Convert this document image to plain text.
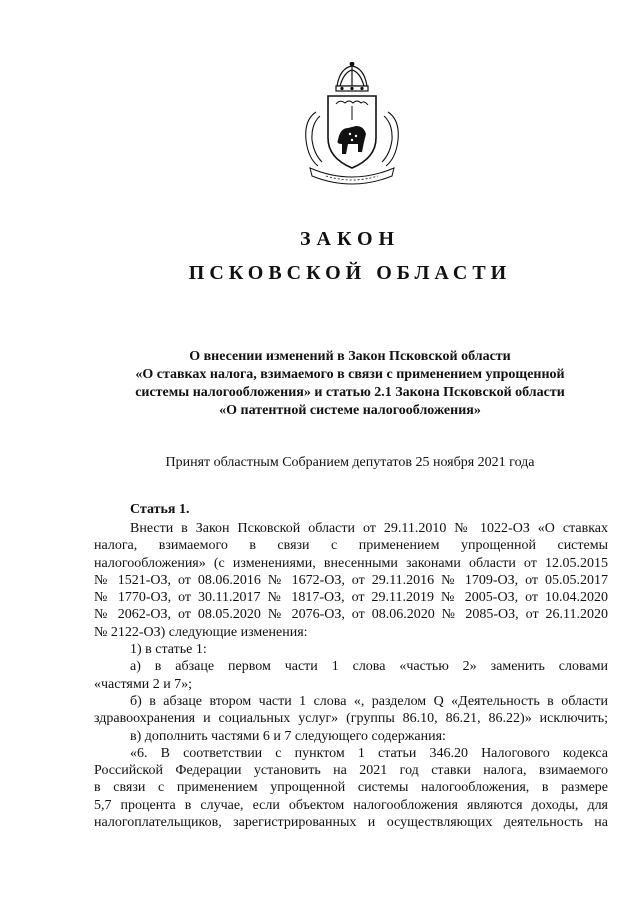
ЗАКОН
ПСКОВСКОЙ ОБЛАСТИ
О внесении изменений в Закон Псковской области
«О ставках налога, взимаемого в связи с применением упрощенной
системы налогообложения» и статью 2.1 Закона Псковской области
«О патентной системе налогообложения»
Принят областным Собранием депутатов 25 ноября 2021 года
Статья 1.
Внести в Закон Псковской области от 29.11.2010 № 1022-ОЗ «О ставках
налога, взимаемого в связи с применением упрощенной системы
налогообложения» (с изменениями, внесенными законами области от 12.05.2015
№ 1521-ОЗ, от 08.06.2016 № 1672-ОЗ, от 29.11.2016 № 1709-ОЗ, от 05.05.2017
№ 1770-ОЗ, от 30.11.2017 № 1817-ОЗ, от 29.11.2019 № 2005-ОЗ, от 10.04.2020
№ 2062-ОЗ, от 08.05.2020 № 2076-ОЗ, от 08.06.2020 № 2085-ОЗ, от 26.11.2020
№ 2122-ОЗ) следующие изменения:
1) в статье 1:
а) в абзаце первом части 1 слова «частью 2» заменить словами
«частями 2 и 7»;
б) в абзаце втором части 1 слова «, разделом Q «Деятельность в области
здравоохранения и социальных услуг» (группы 86.10, 86.21, 86.22)» исключить;
в) дополнить частями 6 и 7 следующего содержания:
«6. В соответствии с пунктом 1 статьи 346.20 Налогового кодекса
Российской Федерации установить на 2021 год ставки налога, взимаемого
в связи с применением упрощенной системы налогообложения, в размере
5,7 процента в случае, если объектом налогообложения являются доходы, для
налогоплательщиков, зарегистрированных и осуществляющих деятельность на
